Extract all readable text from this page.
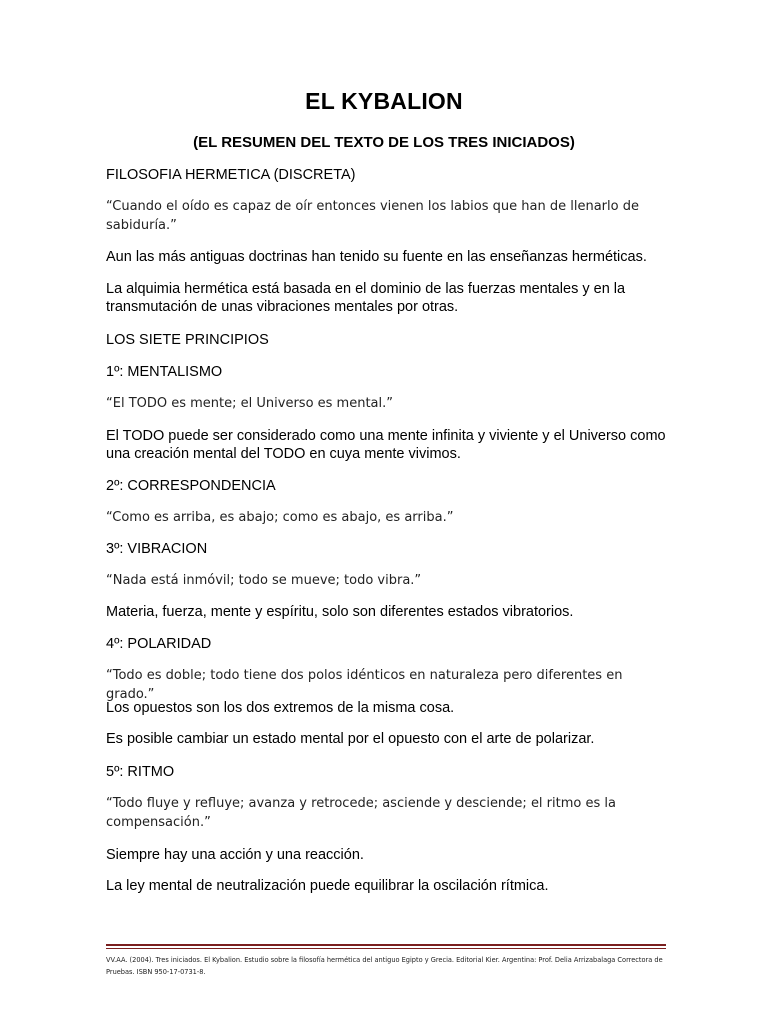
EL KYBALION
(EL RESUMEN DEL TEXTO DE LOS TRES INICIADOS)
FILOSOFIA HERMETICA (DISCRETA)
“Cuando el oído es capaz de oír entonces vienen los labios que han de llenarlo de sabiduría.”
Aun las más antiguas doctrinas han tenido su fuente en las enseñanzas herméticas.
La alquimia hermética está basada en el dominio de las fuerzas mentales y en la transmutación de unas vibraciones mentales por otras.
LOS SIETE PRINCIPIOS
1º: MENTALISMO
“El TODO es mente; el Universo es mental.”
El TODO puede ser considerado como una mente infinita y viviente y el Universo como una creación mental del TODO en cuya mente vivimos.
2º: CORRESPONDENCIA
“Como es arriba, es abajo; como es abajo, es arriba.”
3º: VIBRACION
“Nada está inmóvil; todo se mueve; todo vibra.”
Materia, fuerza, mente y espíritu, solo son diferentes estados vibratorios.
4º: POLARIDAD
“Todo es doble; todo tiene dos polos idénticos en naturaleza pero diferentes en grado.”
Los opuestos son los dos extremos de la misma cosa.
Es posible cambiar un estado mental por el opuesto con el arte de polarizar.
5º: RITMO
“Todo fluye y refluye; avanza y retrocede; asciende y desciende; el ritmo es la compensación.”
Siempre hay una acción y una reacción.
La ley mental de neutralización puede equilibrar la oscilación rítmica.
VV.AA. (2004). Tres iniciados. El Kybalion. Estudio sobre la filosofía hermética del antiguo Egipto y Grecia. Editorial Kier. Argentina: Prof. Delia Arrizabalaga Correctora de Pruebas. ISBN 950-17-0731-8.
